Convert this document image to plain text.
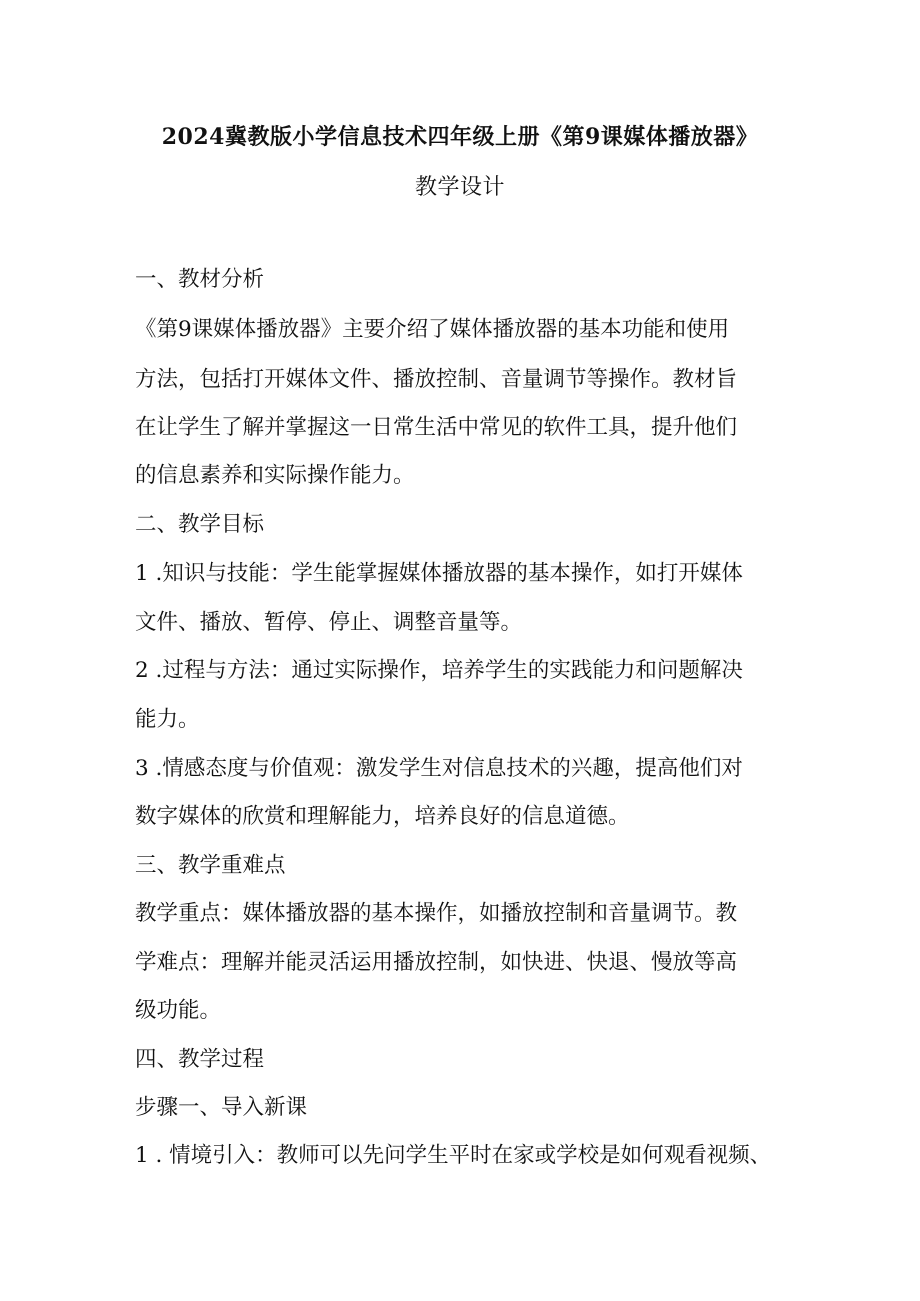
2024冀教版小学信息技术四年级上册《第9课媒体播放器》
教学设计
一、教材分析
《第9课媒体播放器》主要介绍了媒体播放器的基本功能和使用
方法，包括打开媒体文件、播放控制、音量调节等操作。教材旨
在让学生了解并掌握这一日常生活中常见的软件工具，提升他们
的信息素养和实际操作能力。
二、教学目标
1 .知识与技能：学生能掌握媒体播放器的基本操作，如打开媒体
文件、播放、暂停、停止、调整音量等。
2 .过程与方法：通过实际操作，培养学生的实践能力和问题解决
能力。
3 .情感态度与价值观：激发学生对信息技术的兴趣，提高他们对
数字媒体的欣赏和理解能力，培养良好的信息道德。
三、教学重难点
教学重点：媒体播放器的基本操作，如播放控制和音量调节。教
学难点：理解并能灵活运用播放控制，如快进、快退、慢放等高
级功能。
四、教学过程
步骤一、导入新课
1 . 情境引入：教师可以先问学生平时在家或学校是如何观看视频、
